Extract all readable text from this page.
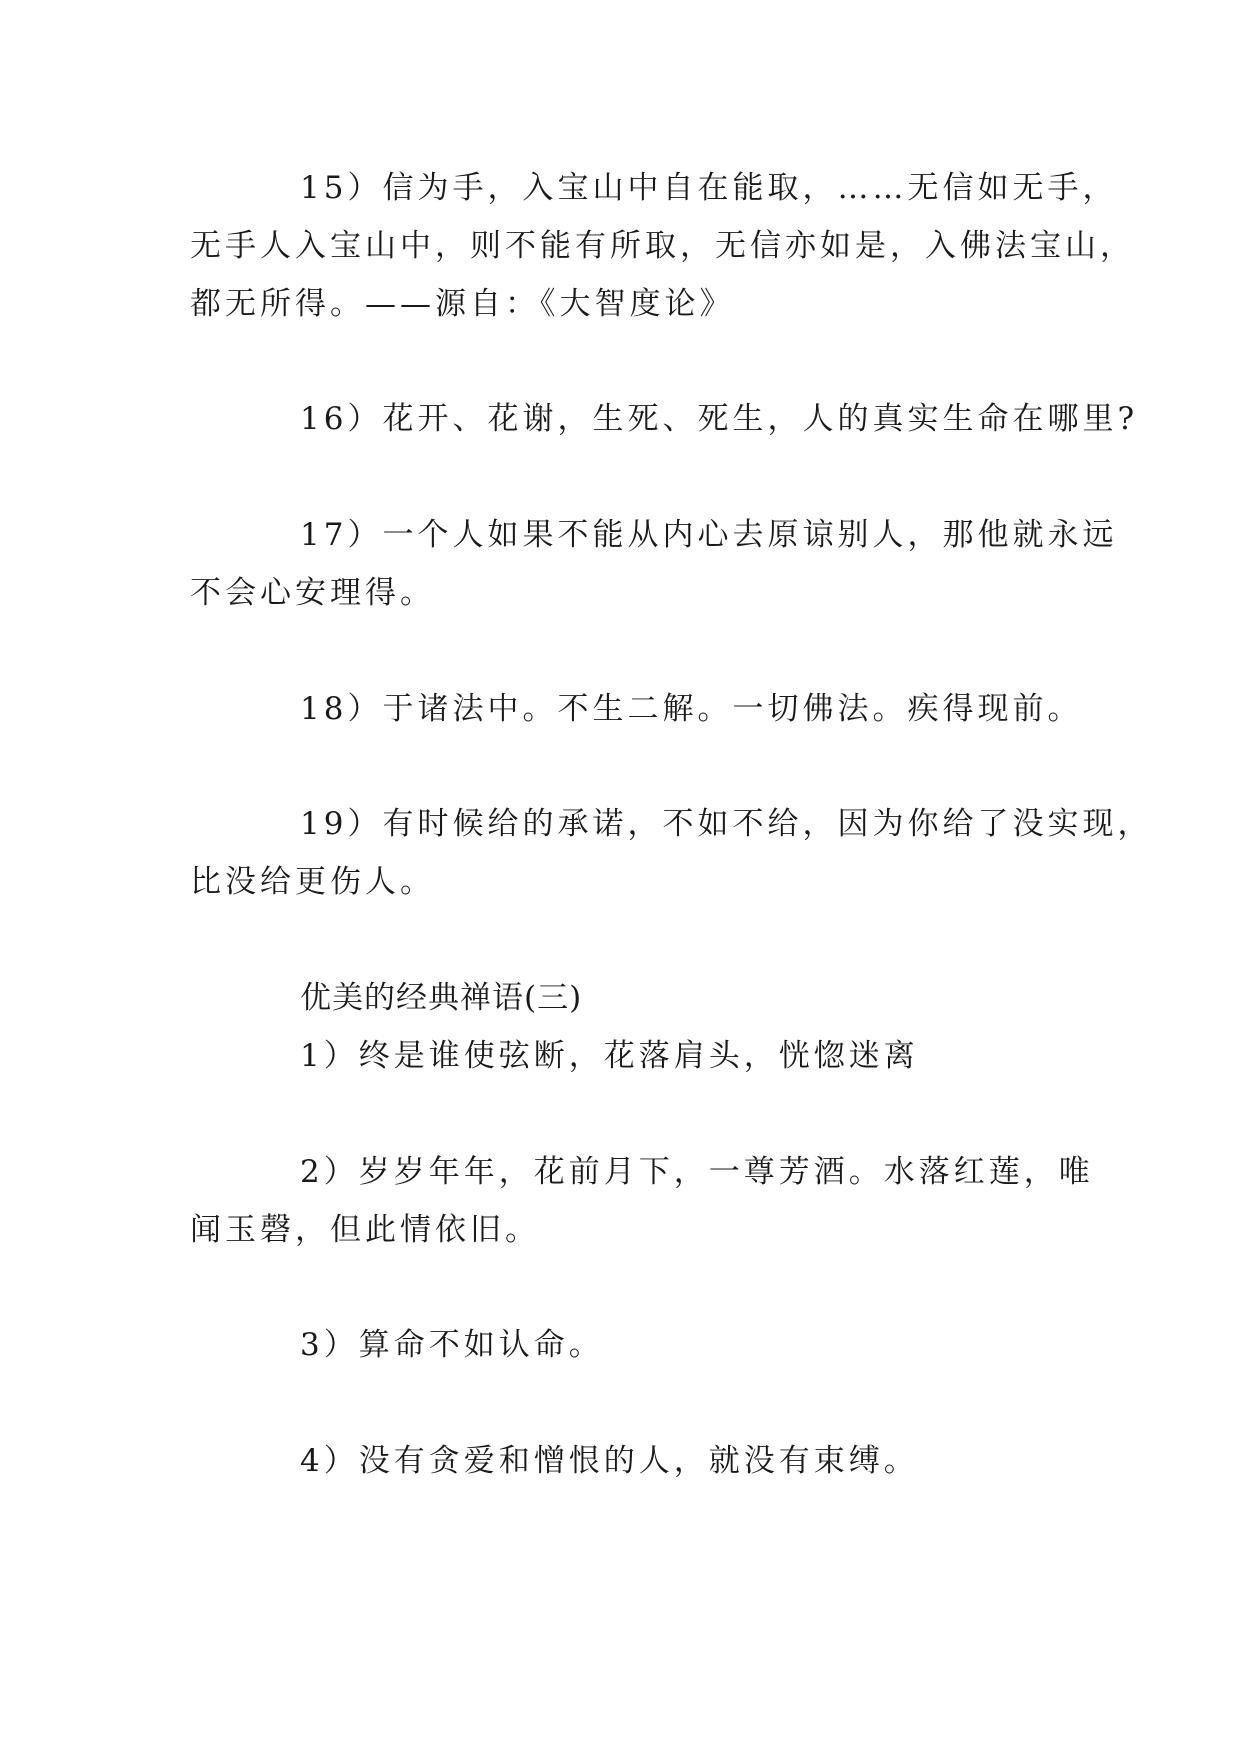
15）信为手，入宝山中自在能取，……无信如无手，
无手人入宝山中，则不能有所取，无信亦如是，入佛法宝山，
都无所得。——源自：《大智度论》
16）花开、花谢，生死、死生，人的真实生命在哪里?
17）一个人如果不能从内心去原谅别人，那他就永远
不会心安理得。
18）于诸法中。不生二解。一切佛法。疾得现前。
19）有时候给的承诺，不如不给，因为你给了没实现，
比没给更伤人。
优美的经典禅语(三)
1）终是谁使弦断，花落肩头，恍惚迷离
2）岁岁年年，花前月下，一尊芳酒。水落红莲，唯
闻玉磬，但此情依旧。
3）算命不如认命。
4）没有贪爱和憎恨的人，就没有束缚。
